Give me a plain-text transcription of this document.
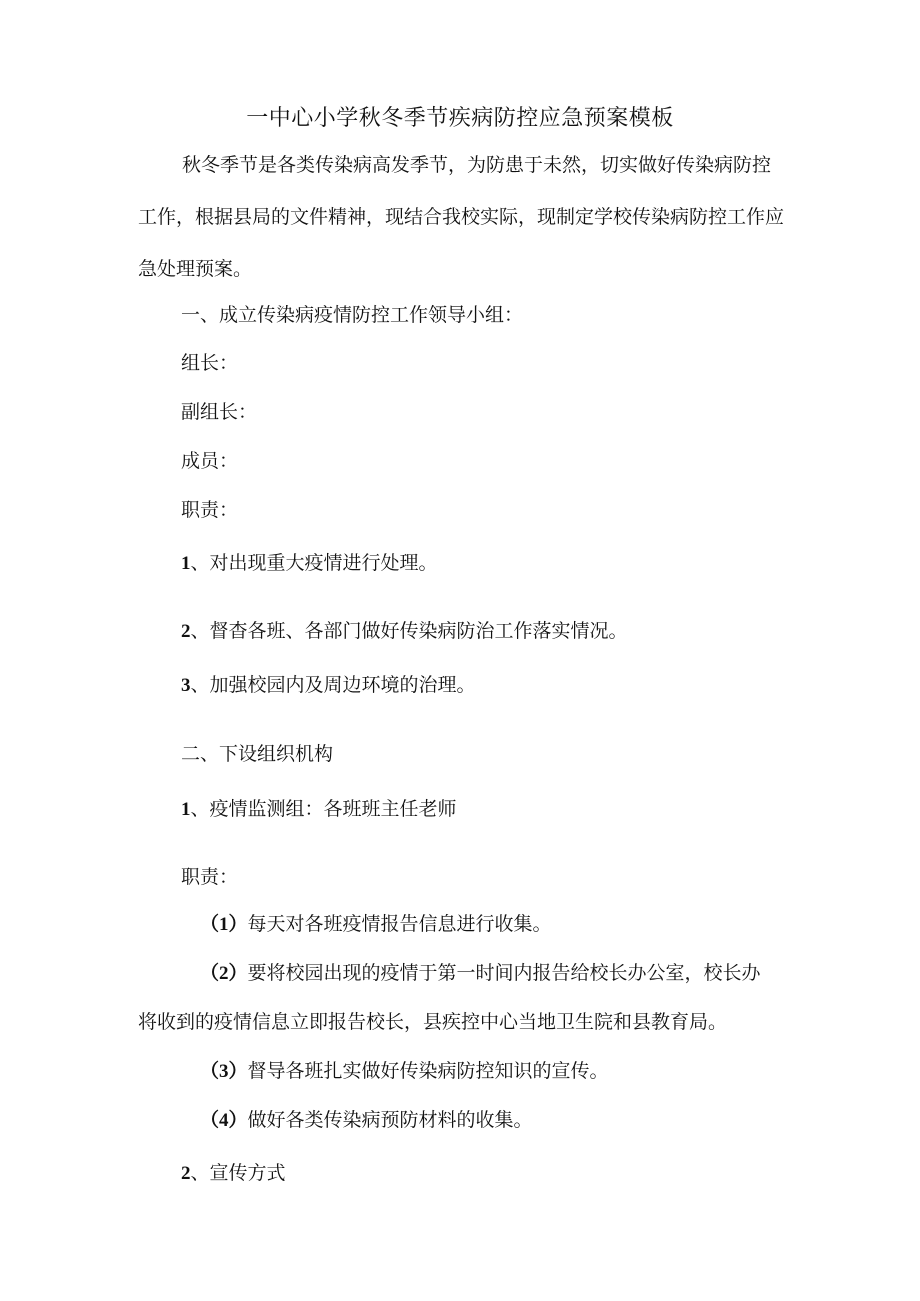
一中心小学秋冬季节疾病防控应急预案模板

秋冬季节是各类传染病高发季节，为防患于未然，切实做好传染病防控工作，根据县局的文件精神，现结合我校实际，现制定学校传染病防控工作应急处理预案。

一、成立传染病疫情防控工作领导小组：
组长：
副组长：
成员：
职责：
1、对出现重大疫情进行处理。
2、督杳各班、各部门做好传染病防治工作落实情况。
3、加强校园内及周边环境的治理。
二、下设组织机构
1、疫情监测组：各班班主任老师
职责：
（1）每天对各班疫情报告信息进行收集。
（2）要将校园出现的疫情于第一时间内报告给校长办公室，校长办
将收到的疫情信息立即报告校长，县疾控中心当地卫生院和县教育局。
（3）督导各班扎实做好传染病防控知识的宣传。
（4）做好各类传染病预防材料的收集。
2、宣传方式
